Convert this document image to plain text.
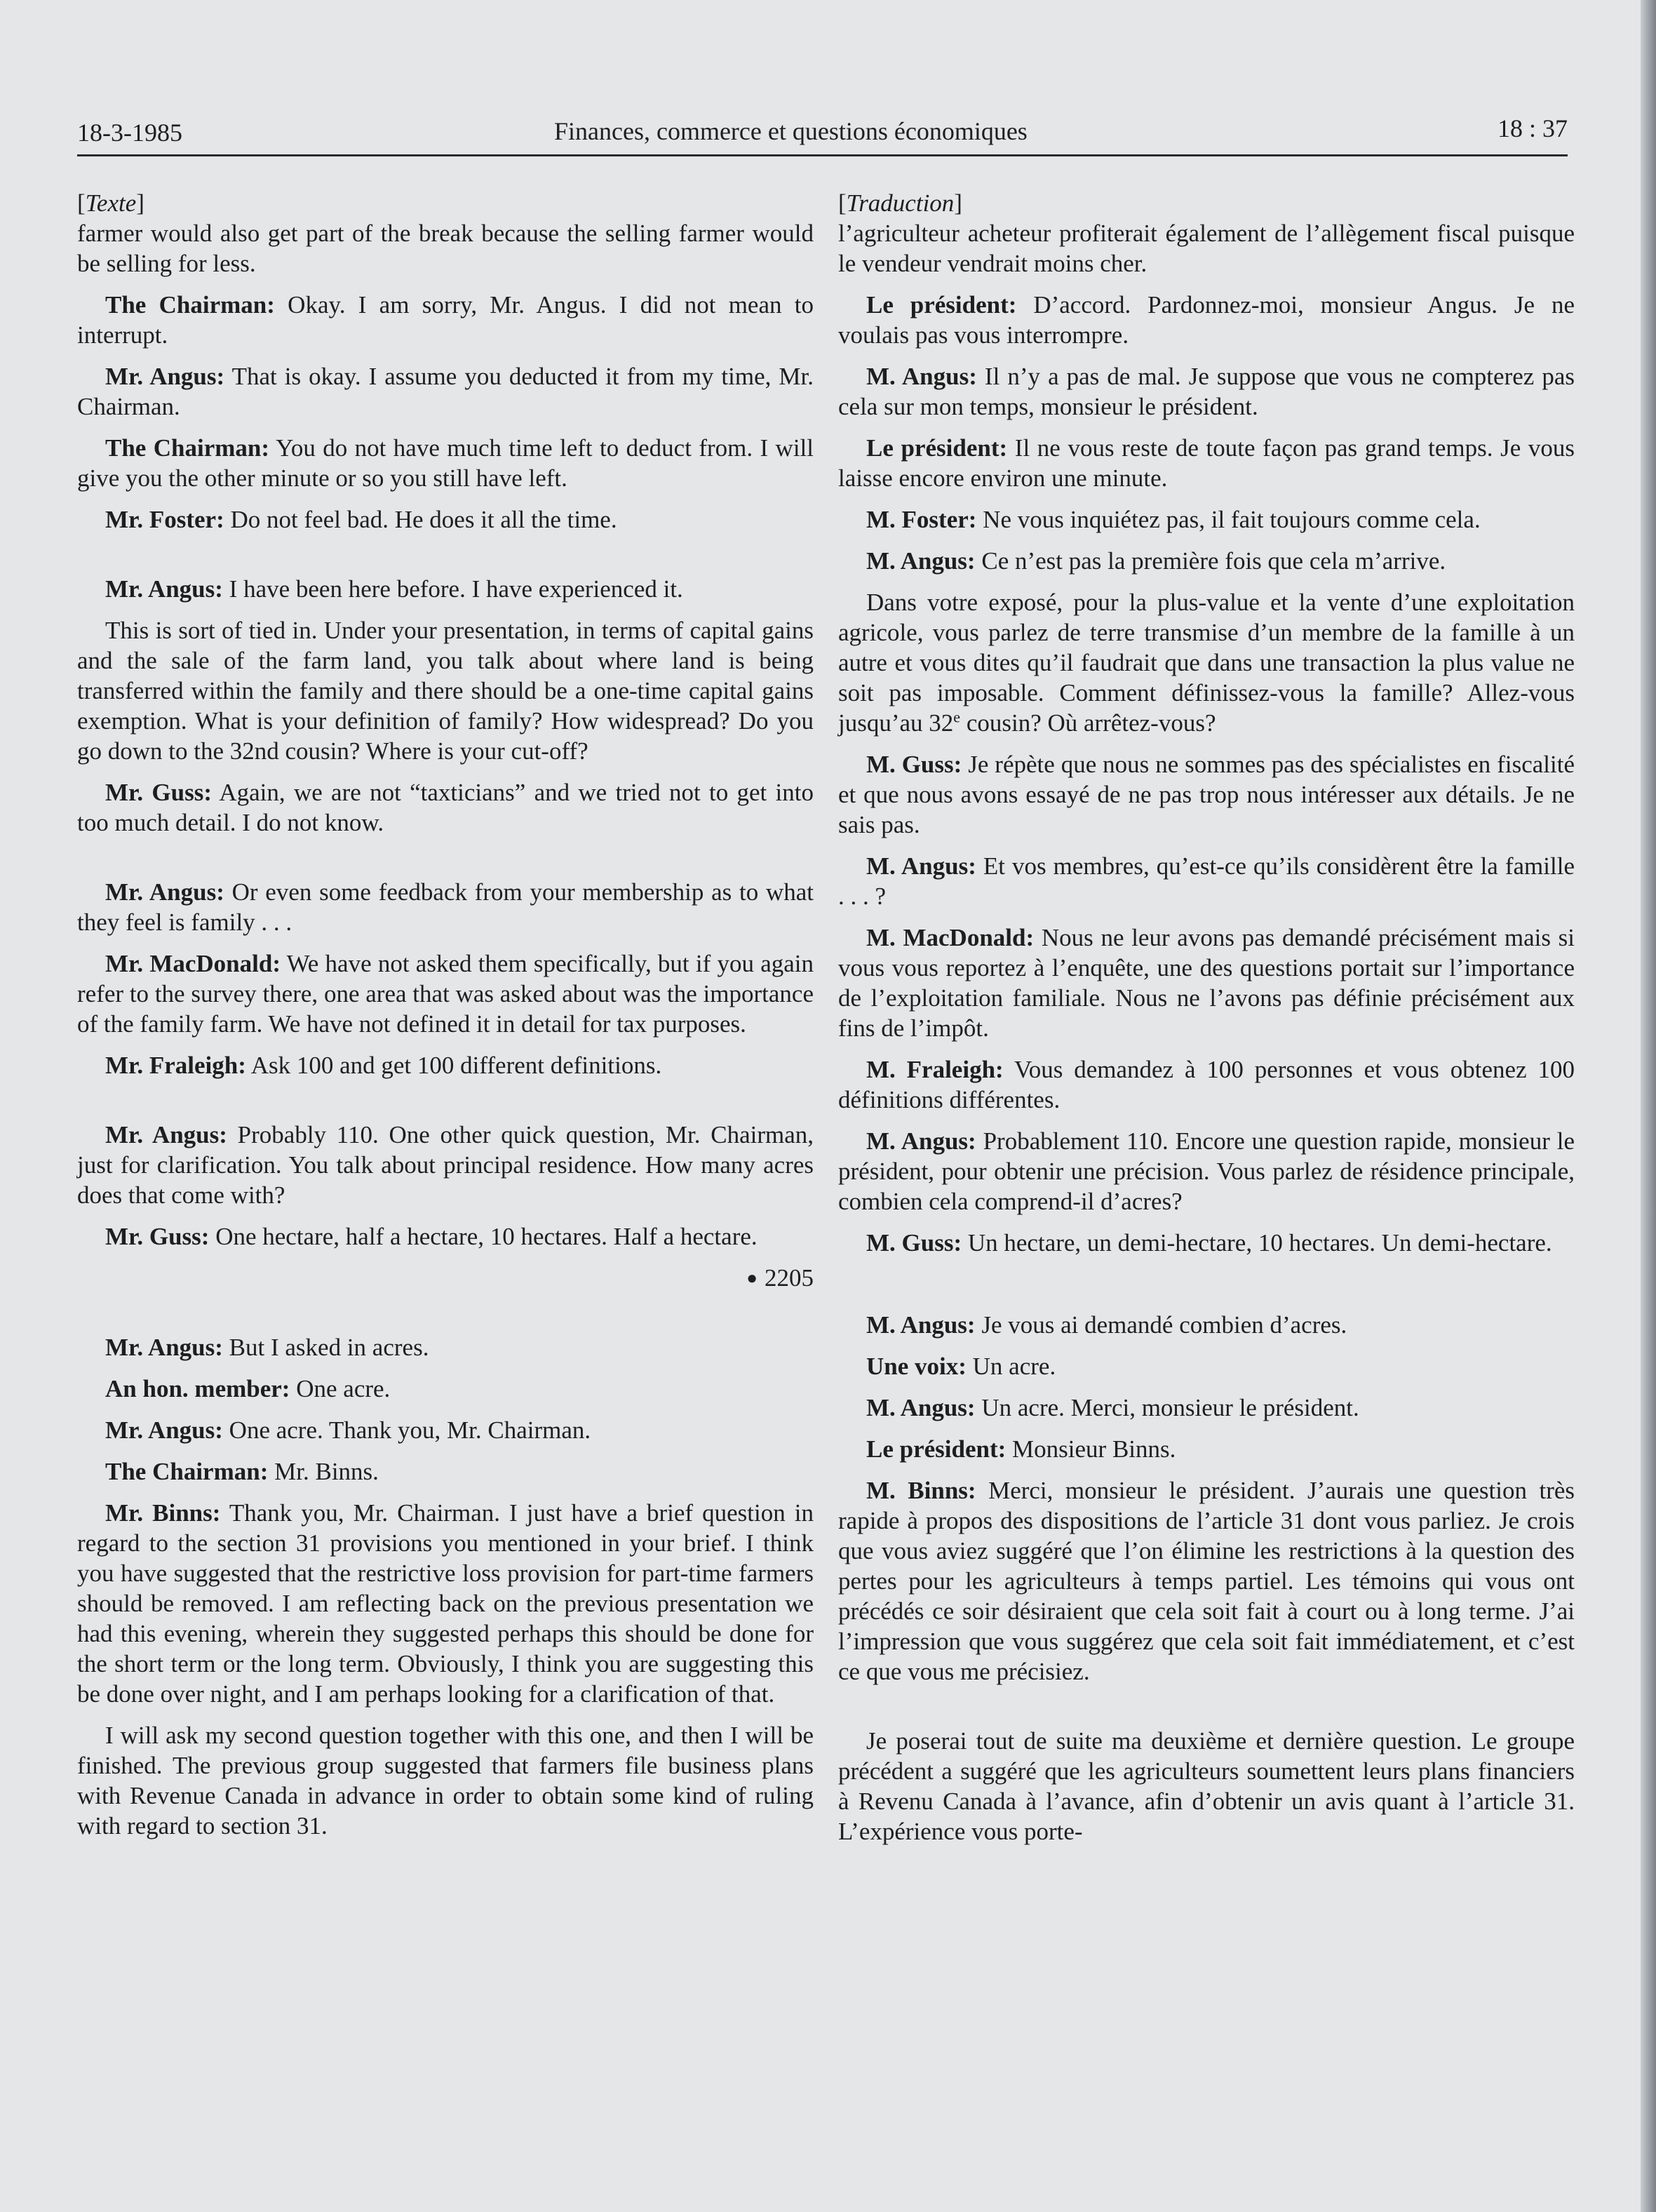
18-3-1985	Finances, commerce et questions économiques	18 : 37

[Texte]

farmer would also get part of the break because the selling farmer would be selling for less.

The Chairman: Okay. I am sorry, Mr. Angus. I did not mean to interrupt.

Mr. Angus: That is okay. I assume you deducted it from my time, Mr. Chairman.

The Chairman: You do not have much time left to deduct from. I will give you the other minute or so you still have left.

Mr. Foster: Do not feel bad. He does it all the time.

Mr. Angus: I have been here before. I have experienced it.

This is sort of tied in. Under your presentation, in terms of capital gains and the sale of the farm land, you talk about where land is being transferred within the family and there should be a one-time capital gains exemption. What is your definition of family? How widespread? Do you go down to the 32nd cousin? Where is your cut-off?

Mr. Guss: Again, we are not “taxticians” and we tried not to get into too much detail. I do not know.

Mr. Angus: Or even some feedback from your membership as to what they feel is family . . .

Mr. MacDonald: We have not asked them specifically, but if you again refer to the survey there, one area that was asked about was the importance of the family farm. We have not defined it in detail for tax purposes.

Mr. Fraleigh: Ask 100 and get 100 different definitions.

Mr. Angus: Probably 110. One other quick question, Mr. Chairman, just for clarification. You talk about principal residence. How many acres does that come with?

Mr. Guss: One hectare, half a hectare, 10 hectares. Half a hectare.

● 2205

Mr. Angus: But I asked in acres.

An hon. member: One acre.

Mr. Angus: One acre. Thank you, Mr. Chairman.

The Chairman: Mr. Binns.

Mr. Binns: Thank you, Mr. Chairman. I just have a brief question in regard to the section 31 provisions you mentioned in your brief. I think you have suggested that the restrictive loss provision for part-time farmers should be removed. I am reflecting back on the previous presentation we had this evening, wherein they suggested perhaps this should be done for the short term or the long term. Obviously, I think you are suggesting this be done over night, and I am perhaps looking for a clarification of that.

I will ask my second question together with this one, and then I will be finished. The previous group suggested that farmers file business plans with Revenue Canada in advance in order to obtain some kind of ruling with regard to section 31.

[Traduction]

l’agriculteur acheteur profiterait également de l’allègement fiscal puisque le vendeur vendrait moins cher.

Le président: D’accord. Pardonnez-moi, monsieur Angus. Je ne voulais pas vous interrompre.

M. Angus: Il n’y a pas de mal. Je suppose que vous ne compterez pas cela sur mon temps, monsieur le président.

Le président: Il ne vous reste de toute façon pas grand temps. Je vous laisse encore environ une minute.

M. Foster: Ne vous inquiétez pas, il fait toujours comme cela.

M. Angus: Ce n’est pas la première fois que cela m’arrive.

Dans votre exposé, pour la plus-value et la vente d’une exploitation agricole, vous parlez de terre transmise d’un membre de la famille à un autre et vous dites qu’il faudrait que dans une transaction la plus value ne soit pas imposable. Comment définissez-vous la famille? Allez-vous jusqu’au 32e cousin? Où arrêtez-vous?

M. Guss: Je répète que nous ne sommes pas des spécialistes en fiscalité et que nous avons essayé de ne pas trop nous intéresser aux détails. Je ne sais pas.

M. Angus: Et vos membres, qu’est-ce qu’ils considèrent être la famille . . . ?

M. MacDonald: Nous ne leur avons pas demandé précisément mais si vous vous reportez à l’enquête, une des questions portait sur l’importance de l’exploitation familiale. Nous ne l’avons pas définie précisément aux fins de l’impôt.

M. Fraleigh: Vous demandez à 100 personnes et vous obtenez 100 définitions différentes.

M. Angus: Probablement 110. Encore une question rapide, monsieur le président, pour obtenir une précision. Vous parlez de résidence principale, combien cela comprend-il d’acres?

M. Guss: Un hectare, un demi-hectare, 10 hectares. Un demi-hectare.

M. Angus: Je vous ai demandé combien d’acres.

Une voix: Un acre.

M. Angus: Un acre. Merci, monsieur le président.

Le président: Monsieur Binns.

M. Binns: Merci, monsieur le président. J’aurais une question très rapide à propos des dispositions de l’article 31 dont vous parliez. Je crois que vous aviez suggéré que l’on élimine les restrictions à la question des pertes pour les agriculteurs à temps partiel. Les témoins qui vous ont précédés ce soir désiraient que cela soit fait à court ou à long terme. J’ai l’impression que vous suggérez que cela soit fait immédiatement, et c’est ce que vous me précisiez.

Je poserai tout de suite ma deuxième et dernière question. Le groupe précédent a suggéré que les agriculteurs soumettent leurs plans financiers à Revenu Canada à l’avance, afin d’obtenir un avis quant à l’article 31. L’expérience vous porte-
